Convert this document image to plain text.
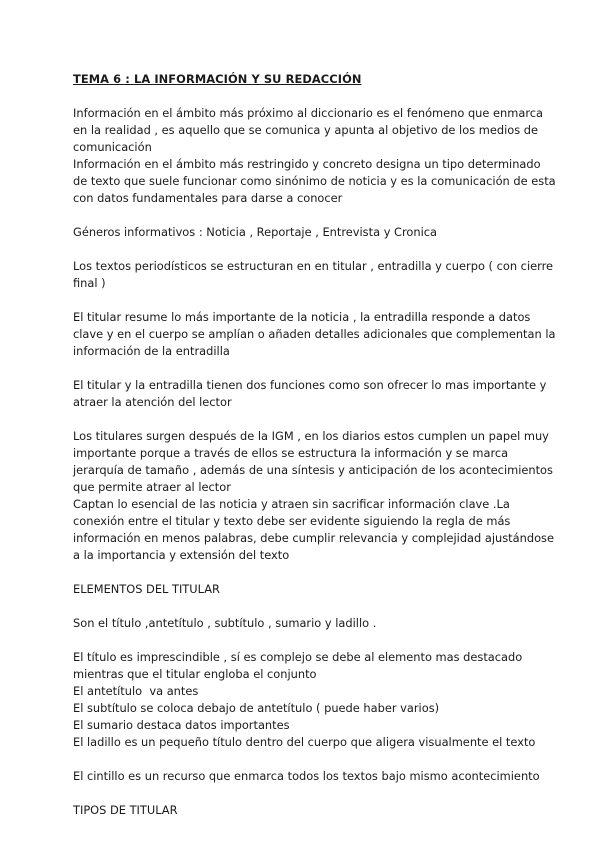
TEMA 6 : LA INFORMACIÓN Y SU REDACCIÓN

Información en el ámbito más próximo al diccionario es el fenómeno que enmarca

en la realidad , es aquello que se comunica y apunta al objetivo de los medios de

comunicación

Información en el ámbito más restringido y concreto designa un tipo determinado

de texto que suele funcionar como sinónimo de noticia y es la comunicación de esta

con datos fundamentales para darse a conocer

Géneros informativos : Noticia , Reportaje , Entrevista y Cronica

Los textos periodísticos se estructuran en en titular , entradilla y cuerpo ( con cierre

final )

El titular resume lo más importante de la noticia , la entradilla responde a datos

clave y en el cuerpo se amplían o añaden detalles adicionales que complementan la

información de la entradilla

El titular y la entradilla tienen dos funciones como son ofrecer lo mas importante y

atraer la atención del lector

Los titulares surgen después de la IGM , en los diarios estos cumplen un papel muy

importante porque a través de ellos se estructura la información y se marca

jerarquía de tamaño , además de una síntesis y anticipación de los acontecimientos

que permite atraer al lector

Captan lo esencial de las noticia y atraen sin sacrificar información clave .La

conexión entre el titular y texto debe ser evidente siguiendo la regla de más

información en menos palabras, debe cumplir relevancia y complejidad ajustándose

a la importancia y extensión del texto

ELEMENTOS DEL TITULAR

Son el título ,antetítulo , subtítulo , sumario y ladillo .

El título es imprescindible , sí es complejo se debe al elemento mas destacado

mientras que el titular engloba el conjunto

El antetítulo  va antes

El subtítulo se coloca debajo de antetítulo ( puede haber varios)

El sumario destaca datos importantes

El ladillo es un pequeño título dentro del cuerpo que aligera visualmente el texto

El cintillo es un recurso que enmarca todos los textos bajo mismo acontecimiento

TIPOS DE TITULAR
